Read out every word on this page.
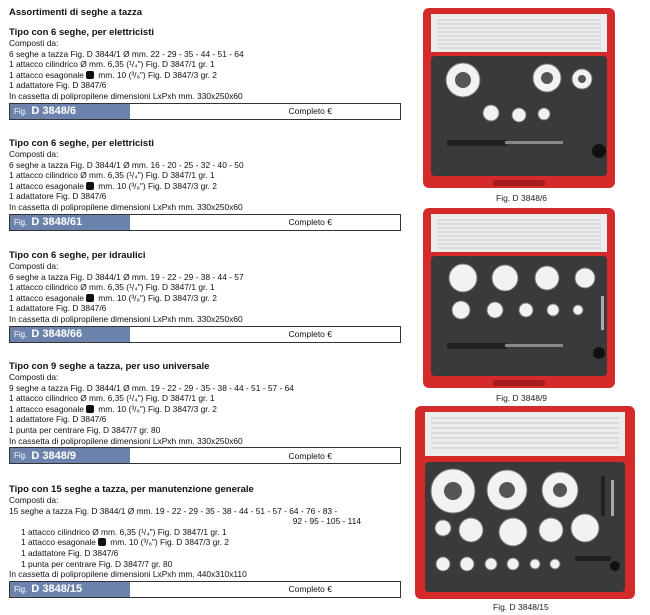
Assortimenti di seghe a tazza
Tipo con 6 seghe, per elettricisti
Composti da:
6 seghe a tazza Fig. D 3844/1 Ø mm. 22 - 29 - 35 - 44 - 51 - 64
1 attacco cilindrico Ø mm. 6,35 (¹/₄") Fig. D 3847/1 gr. 1
1 attacco esagonale mm. 10 (³/₈") Fig. D 3847/3 gr. 2
1 adattatore Fig. D 3847/6
In cassetta di polipropilene dimensioni LxPxh mm. 330x250x60
Fig. D 3848/6	Completo €
Tipo con 6 seghe, per elettricisti
Composti da:
6 seghe a tazza Fig. D 3844/1 Ø mm. 16 - 20 - 25 - 32 - 40 - 50
1 attacco cilindrico Ø mm. 6,35 (¹/₄") Fig. D 3847/1 gr. 1
1 attacco esagonale mm. 10 (³/₈") Fig. D 3847/3 gr. 2
1 adattatore Fig. D 3847/6
In cassetta di polipropilene dimensioni LxPxh mm. 330x250x60
Fig. D 3848/61	Completo €
Tipo con 6 seghe, per idraulici
Composti da:
6 seghe a tazza Fig. D 3844/1 Ø mm. 19 - 22 - 29 - 38 - 44 - 57
1 attacco cilindrico Ø mm. 6,35 (¹/₄") Fig. D 3847/1 gr. 1
1 attacco esagonale mm. 10 (³/₈") Fig. D 3847/3 gr. 2
1 adattatore Fig. D 3847/6
In cassetta di polipropilene dimensioni LxPxh mm. 330x250x60
Fig. D 3848/66	Completo €
Tipo con 9 seghe a tazza, per uso universale
Composti da:
9 seghe a tazza Fig. D 3844/1 Ø mm. 19 - 22 - 29 - 35 - 38 - 44 - 51 - 57 - 64
1 attacco cilindrico Ø mm. 6,35 (¹/₄") Fig. D 3847/1 gr. 1
1 attacco esagonale mm. 10 (³/₈") Fig. D 3847/3 gr. 2
1 adattatore Fig. D 3847/6
1 punta per centrare Fig. D 3847/7 gr. 80
In cassetta di polipropilene dimensioni LxPxh mm. 330x250x60
Fig. D 3848/9	Completo €
Tipo con 15 seghe a tazza, per manutenzione generale
Composti da:
15 seghe a tazza Fig. D 3844/1 Ø mm. 19 - 22 - 29 - 35 - 38 - 44 - 51 - 57 - 64 - 76 - 83 -
92 - 95 - 105 - 114
1 attacco cilindrico Ø mm. 6,35 (¹/₄") Fig. D 3847/1 gr. 1
1 attacco esagonale mm. 10 (³/₈") Fig. D 3847/3 gr. 2
1 adattatore Fig. D 3847/6
1 punta per centrare Fig. D 3847/7 gr. 80
In cassetta di polipropilene dimensioni LxPxh mm. 440x310x110
Fig. D 3848/15	Completo €
Fig. D 3848/6
Fig. D 3848/9
Fig. D 3848/15
